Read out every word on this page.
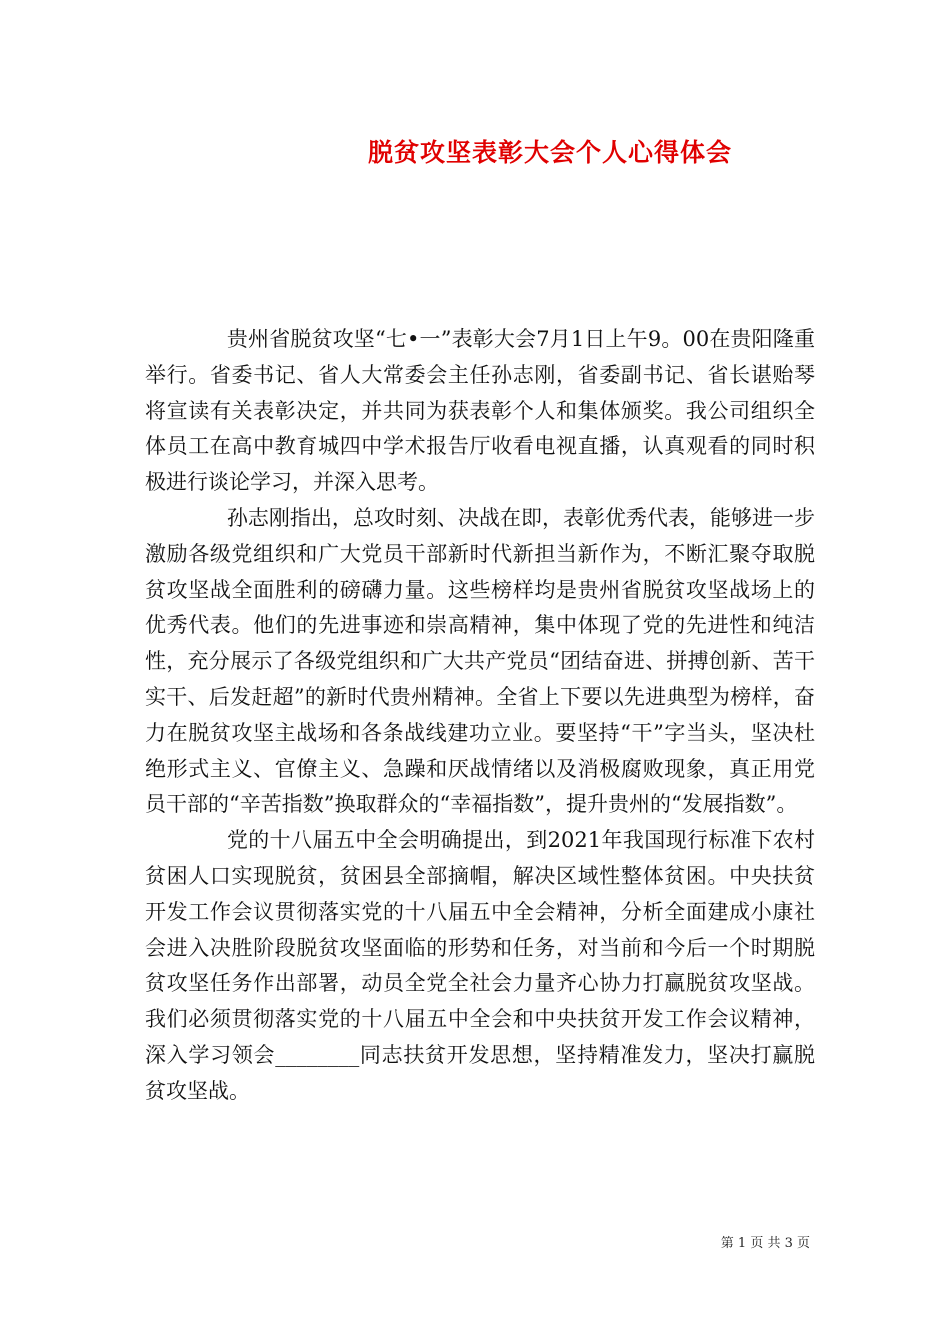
脱贫攻坚表彰大会个人心得体会

贵州省脱贫攻坚“七•一”表彰大会7月1日上午9。00在贵阳隆重举行。省委书记、省人大常委会主任孙志刚，省委副书记、省长谌贻琴将宣读有关表彰决定，并共同为获表彰个人和集体颁奖。我公司组织全体员工在高中教育城四中学术报告厅收看电视直播，认真观看的同时积极进行谈论学习，并深入思考。

孙志刚指出，总攻时刻、决战在即，表彰优秀代表，能够进一步激励各级党组织和广大党员干部新时代新担当新作为，不断汇聚夺取脱贫攻坚战全面胜利的磅礴力量。这些榜样均是贵州省脱贫攻坚战场上的优秀代表。他们的先进事迹和崇高精神，集中体现了党的先进性和纯洁性，充分展示了各级党组织和广大共产党员“团结奋进、拼搏创新、苦干实干、后发赶超”的新时代贵州精神。全省上下要以先进典型为榜样，奋力在脱贫攻坚主战场和各条战线建功立业。要坚持“干”字当头，坚决杜绝形式主义、官僚主义、急躁和厌战情绪以及消极腐败现象，真正用党员干部的“辛苦指数”换取群众的“幸福指数”，提升贵州的“发展指数”。

党的十八届五中全会明确提出，到2021年我国现行标准下农村贫困人口实现脱贫，贫困县全部摘帽，解决区域性整体贫困。中央扶贫开发工作会议贯彻落实党的十八届五中全会精神，分析全面建成小康社会进入决胜阶段脱贫攻坚面临的形势和任务，对当前和今后一个时期脱贫攻坚任务作出部署，动员全党全社会力量齐心协力打赢脱贫攻坚战。我们必须贯彻落实党的十八届五中全会和中央扶贫开发工作会议精神，深入学习领会________同志扶贫开发思想，坚持精准发力，坚决打赢脱贫攻坚战。

第 1 页 共 3 页
